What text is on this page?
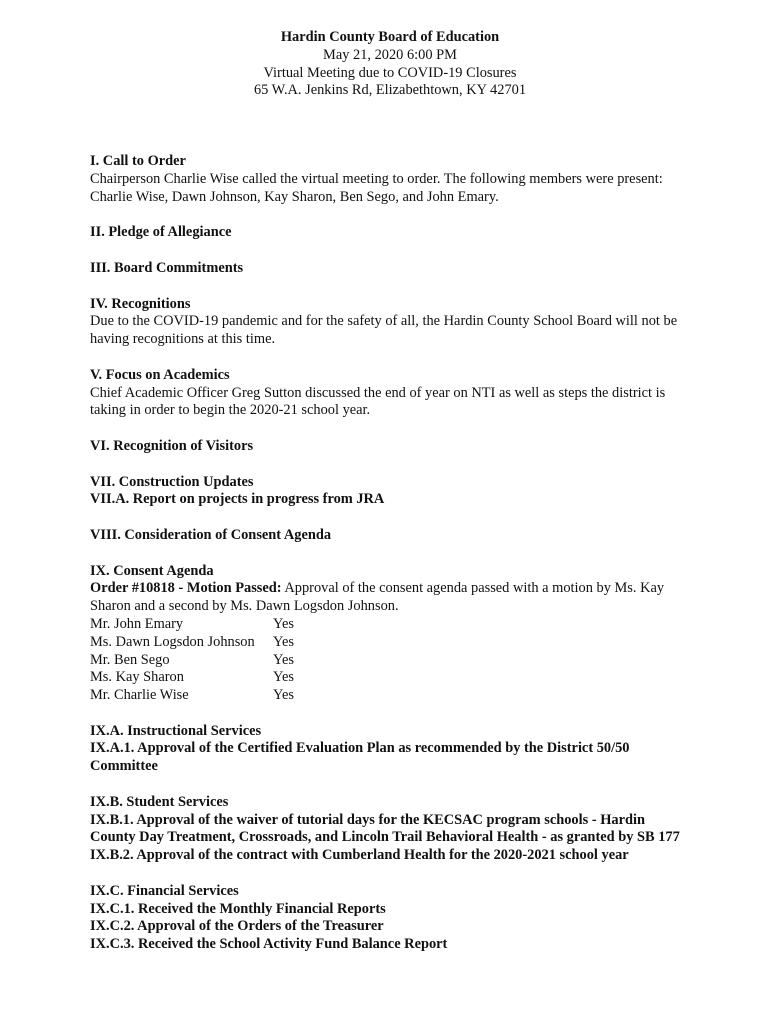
Hardin County Board of Education
May 21, 2020 6:00 PM
Virtual Meeting due to COVID-19 Closures
65 W.A. Jenkins Rd, Elizabethtown, KY 42701

I. Call to Order

Chairperson Charlie Wise called the virtual meeting to order. The following members were present: Charlie Wise, Dawn Johnson, Kay Sharon, Ben Sego, and John Emary.

II. Pledge of Allegiance

III. Board Commitments

IV. Recognitions

Due to the COVID-19 pandemic and for the safety of all, the Hardin County School Board will not be having recognitions at this time.

V. Focus on Academics

Chief Academic Officer Greg Sutton discussed the end of year on NTI as well as steps the district is taking in order to begin the 2020-21 school year.

VI. Recognition of Visitors

VII. Construction Updates

VII.A. Report on projects in progress from JRA

VIII. Consideration of Consent Agenda

IX. Consent Agenda

Order #10818 - Motion Passed: Approval of the consent agenda passed with a motion by Ms. Kay Sharon and a second by Ms. Dawn Logsdon Johnson.

Mr. John Emary	Yes
Ms. Dawn Logsdon Johnson	Yes
Mr. Ben Sego	Yes
Ms. Kay Sharon	Yes
Mr. Charlie Wise	Yes

IX.A. Instructional Services

IX.A.1. Approval of the Certified Evaluation Plan as recommended by the District 50/50 Committee

IX.B. Student Services

IX.B.1. Approval of the waiver of tutorial days for the KECSAC program schools - Hardin County Day Treatment, Crossroads, and Lincoln Trail Behavioral Health - as granted by SB 177

IX.B.2. Approval of the contract with Cumberland Health for the 2020-2021 school year

IX.C. Financial Services

IX.C.1. Received the Monthly Financial Reports

IX.C.2. Approval of the Orders of the Treasurer

IX.C.3. Received the School Activity Fund Balance Report
